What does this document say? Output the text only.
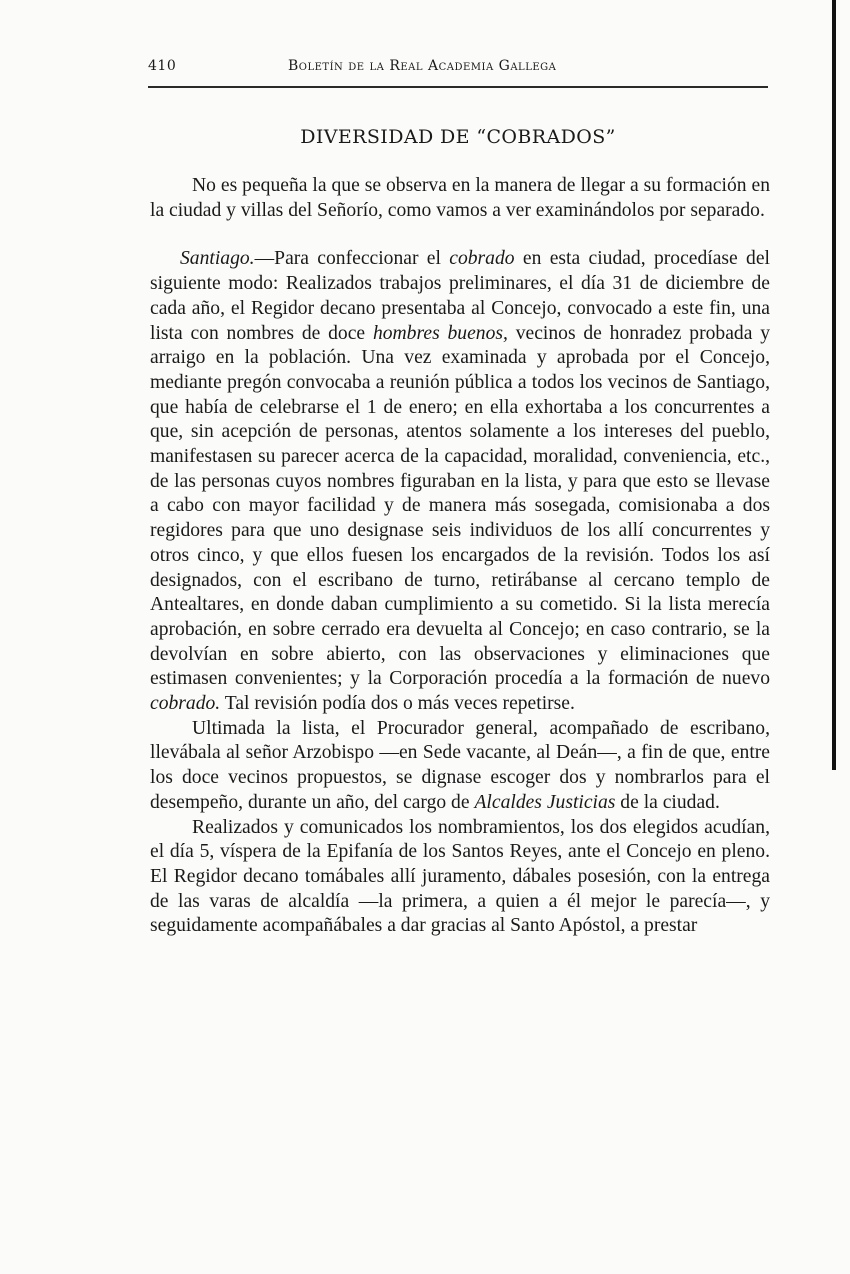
410	Boletín de la Real Academia Gallega
DIVERSIDAD DE “COBRADOS”

No es pequeña la que se observa en la manera de llegar a su formación en la ciudad y villas del Señorío, como vamos a ver examinándolos por separado.

Santiago.—Para confeccionar el cobrado en esta ciudad, procedíase del siguiente modo: Realizados trabajos preliminares, el día 31 de diciembre de cada año, el Regidor decano presentaba al Concejo, convocado a este fin, una lista con nombres de doce hombres buenos, vecinos de honradez probada y arraigo en la población. Una vez examinada y aprobada por el Concejo, mediante pregón convocaba a reunión pública a todos los vecinos de Santiago, que había de celebrarse el 1 de enero; en ella exhortaba a los concurrentes a que, sin acepción de personas, atentos solamente a los intereses del pueblo, manifestasen su parecer acerca de la capacidad, moralidad, conveniencia, etc., de las personas cuyos nombres figuraban en la lista, y para que esto se llevase a cabo con mayor facilidad y de manera más sosegada, comisionaba a dos regidores para que uno designase seis individuos de los allí concurrentes y otros cinco, y que ellos fuesen los encargados de la revisión. Todos los así designados, con el escribano de turno, retirábanse al cercano templo de Antealtares, en donde daban cumplimiento a su cometido. Si la lista merecía aprobación, en sobre cerrado era devuelta al Concejo; en caso contrario, se la devolvían en sobre abierto, con las observaciones y eliminaciones que estimasen convenientes; y la Corporación procedía a la formación de nuevo cobrado. Tal revisión podía dos o más veces repetirse.

Ultimada la lista, el Procurador general, acompañado de escribano, llevábala al señor Arzobispo —en Sede vacante, al Deán—, a fin de que, entre los doce vecinos propuestos, se dignase escoger dos y nombrarlos para el desempeño, durante un año, del cargo de Alcaldes Justicias de la ciudad.

Realizados y comunicados los nombramientos, los dos elegidos acudían, el día 5, víspera de la Epifanía de los Santos Reyes, ante el Concejo en pleno. El Regidor decano tomábales allí juramento, dábales posesión, con la entrega de las varas de alcaldía —la primera, a quien a él mejor le parecía—, y seguidamente acompañábales a dar gracias al Santo Apóstol, a prestar
